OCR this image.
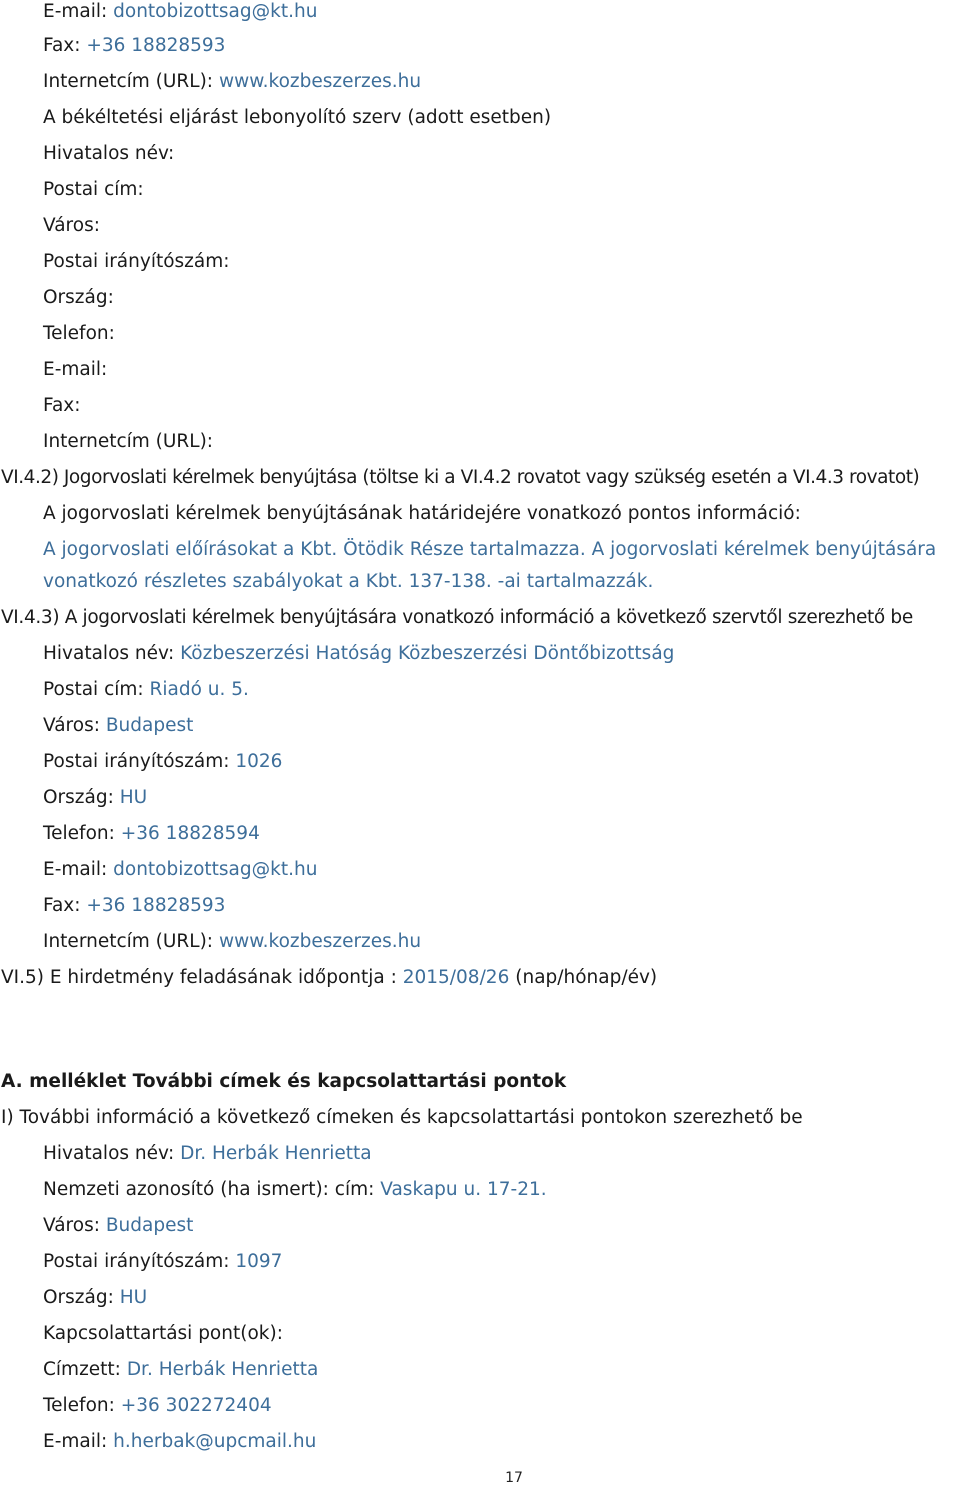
E-mail: dontobizottsag@kt.hu
Fax: +36 18828593
Internetcím (URL): www.kozbeszerzes.hu
A békéltetési eljárást lebonyolító szerv (adott esetben)
Hivatalos név:
Postai cím:
Város:
Postai irányítószám:
Ország:
Telefon:
E-mail:
Fax:
Internetcím (URL):
VI.4.2) Jogorvoslati kérelmek benyújtása (töltse ki a VI.4.2 rovatot vagy szükség esetén a VI.4.3 rovatot)
A jogorvoslati kérelmek benyújtásának határidejére vonatkozó pontos információ:
A jogorvoslati előírásokat a Kbt. Ötödik Része tartalmazza. A jogorvoslati kérelmek benyújtására
vonatkozó részletes szabályokat a Kbt. 137-138. -ai tartalmazzák.
VI.4.3) A jogorvoslati kérelmek benyújtására vonatkozó információ a következő szervtől szerezhető be
Hivatalos név: Közbeszerzési Hatóság Közbeszerzési Döntőbizottság
Postai cím: Riadó u. 5.
Város: Budapest
Postai irányítószám: 1026
Ország: HU
Telefon: +36 18828594
E-mail: dontobizottsag@kt.hu
Fax: +36 18828593
Internetcím (URL): www.kozbeszerzes.hu
VI.5) E hirdetmény feladásának időpontja : 2015/08/26 (nap/hónap/év)
A. melléklet További címek és kapcsolattartási pontok
I) További információ a következő címeken és kapcsolattartási pontokon szerezhető be
Hivatalos név: Dr. Herbák Henrietta
Nemzeti azonosító (ha ismert): cím: Vaskapu u. 17-21.
Város: Budapest
Postai irányítószám: 1097
Ország: HU
Kapcsolattartási pont(ok):
Címzett: Dr. Herbák Henrietta
Telefon: +36 302272404
E-mail: h.herbak@upcmail.hu
17
